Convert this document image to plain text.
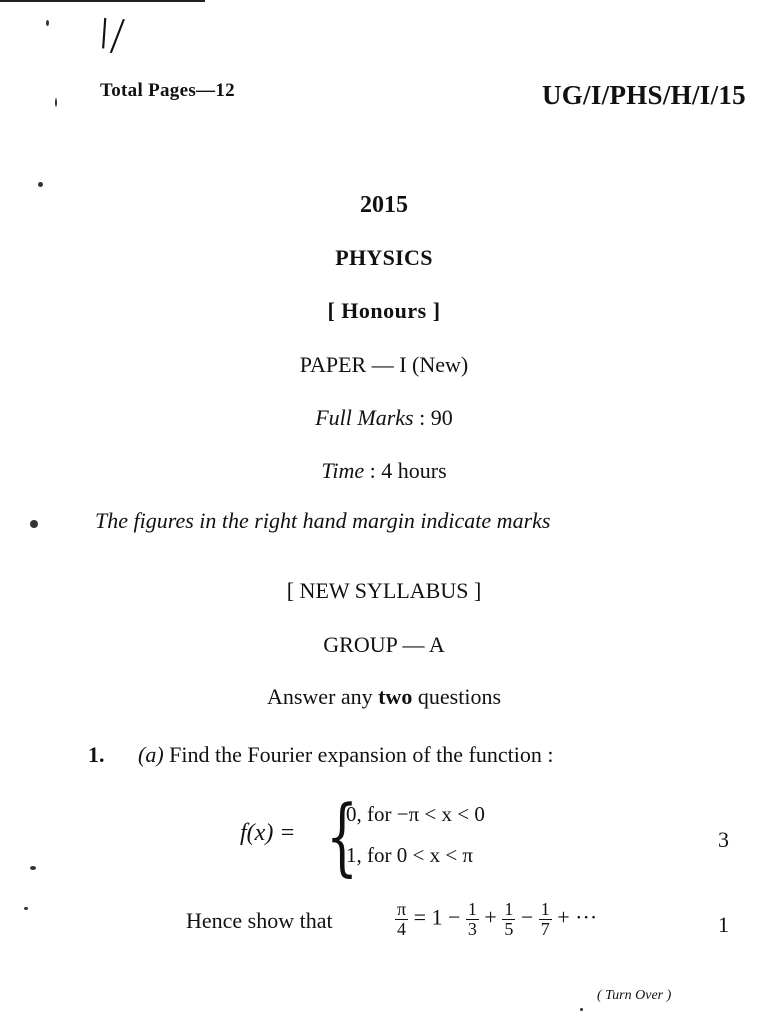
I/
Total Pages—12	UG/I/PHS/H/I/15
2015
PHYSICS
[ Honours ]
PAPER — I (New)
Full Marks : 90
Time : 4 hours
The figures in the right hand margin indicate marks
[ NEW SYLLABUS ]
GROUP — A
Answer any two questions
1. (a) Find the Fourier expansion of the function :
f(x) = {
0, for −π < x < 0
1, for 0 < x < π
3
Hence show that	$\frac{\pi}{4} = 1 - \frac{1}{3} + \frac{1}{5} - \frac{1}{7}$ + ···	1
( Turn Over )
